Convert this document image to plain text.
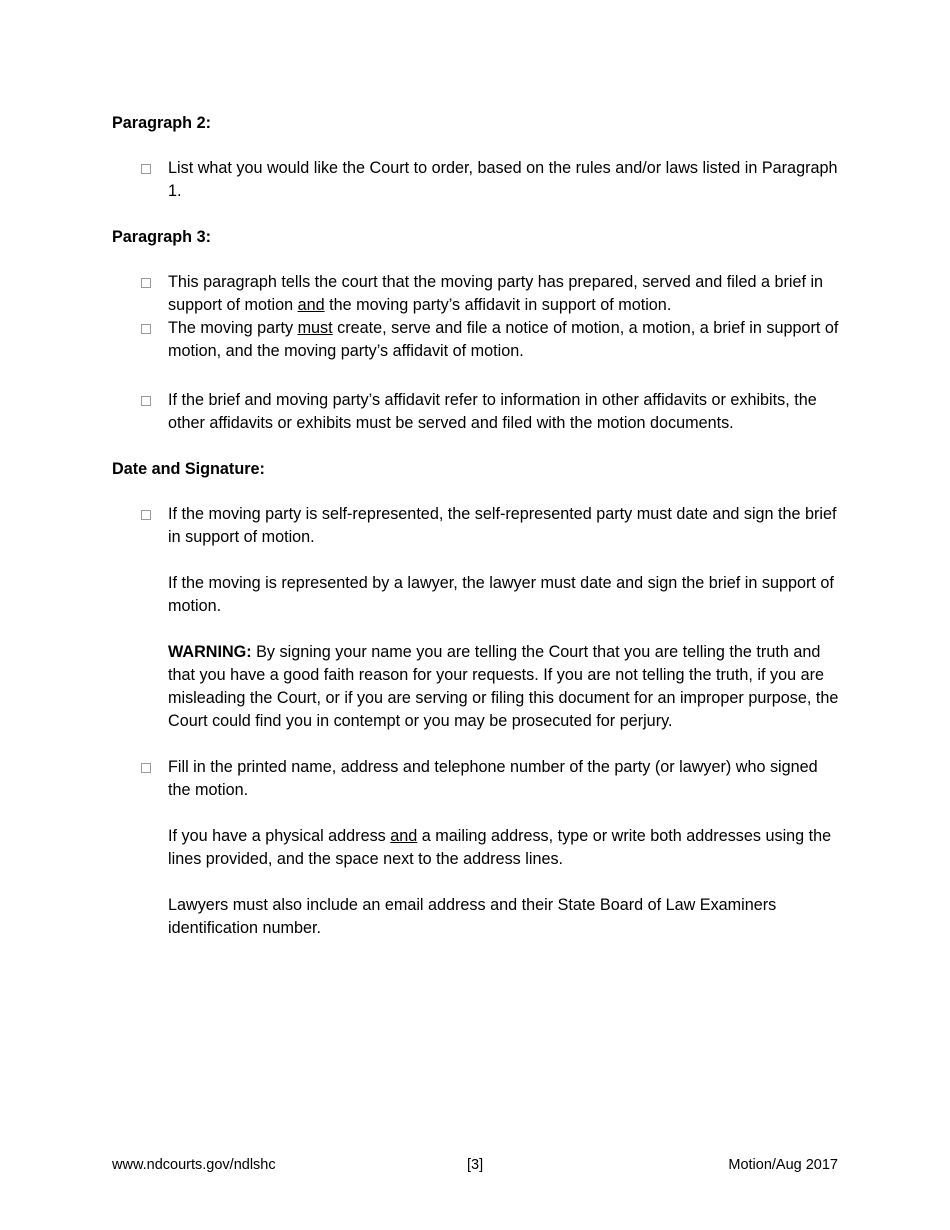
Paragraph 2:

List what you would like the Court to order, based on the rules and/or laws listed in Paragraph 1.

Paragraph 3:

This paragraph tells the court that the moving party has prepared, served and filed a brief in support of motion and the moving party’s affidavit in support of motion.

The moving party must create, serve and file a notice of motion, a motion, a brief in support of motion, and the moving party’s affidavit of motion.

If the brief and moving party’s affidavit refer to information in other affidavits or exhibits, the other affidavits or exhibits must be served and filed with the motion documents.

Date and Signature:

If the moving party is self-represented, the self-represented party must date and sign the brief in support of motion.

If the moving is represented by a lawyer, the lawyer must date and sign the brief in support of motion.

WARNING: By signing your name you are telling the Court that you are telling the truth and that you have a good faith reason for your requests. If you are not telling the truth, if you are misleading the Court, or if you are serving or filing this document for an improper purpose, the Court could find you in contempt or you may be prosecuted for perjury.

Fill in the printed name, address and telephone number of the party (or lawyer) who signed the motion.

If you have a physical address and a mailing address, type or write both addresses using the lines provided, and the space next to the address lines.

Lawyers must also include an email address and their State Board of Law Examiners identification number.

www.ndcourts.gov/ndlshc	[3]	Motion/Aug 2017
